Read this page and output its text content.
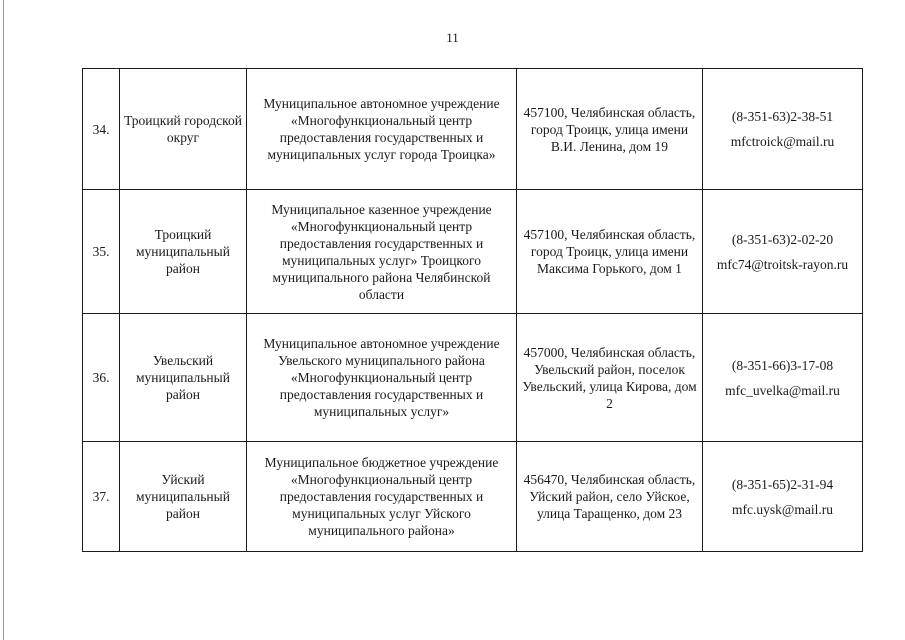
11
34.	Троицкий городской округ	Муниципальное автономное учреждение «Многофункциональный центр предоставления государственных и муниципальных услуг города Троицка»	457100, Челябинская область, город Троицк, улица имени В.И. Ленина, дом 19	(8-351-63)2-38-51
mfctroick@mail.ru

35.	Троицкий муниципальный район	Муниципальное казенное учреждение «Многофункциональный центр предоставления государственных и муниципальных услуг» Троицкого муниципального района Челябинской области	457100, Челябинская область, город Троицк, улица имени Максима Горького, дом 1	(8-351-63)2-02-20
mfc74@troitsk-rayon.ru

36.	Увельский муниципальный район	Муниципальное автономное учреждение Увельского муниципального района «Многофункциональный центр предоставления государственных и муниципальных услуг»	457000, Челябинская область, Увельский район, поселок Увельский, улица Кирова, дом 2	(8-351-66)3-17-08
mfc_uvelka@mail.ru

37.	Уйский муниципальный район	Муниципальное бюджетное учреждение «Многофункциональный центр предоставления государственных и муниципальных услуг Уйского муниципального района»	456470, Челябинская область, Уйский район, село Уйское, улица Таращенко, дом 23	(8-351-65)2-31-94
mfc.uysk@mail.ru
